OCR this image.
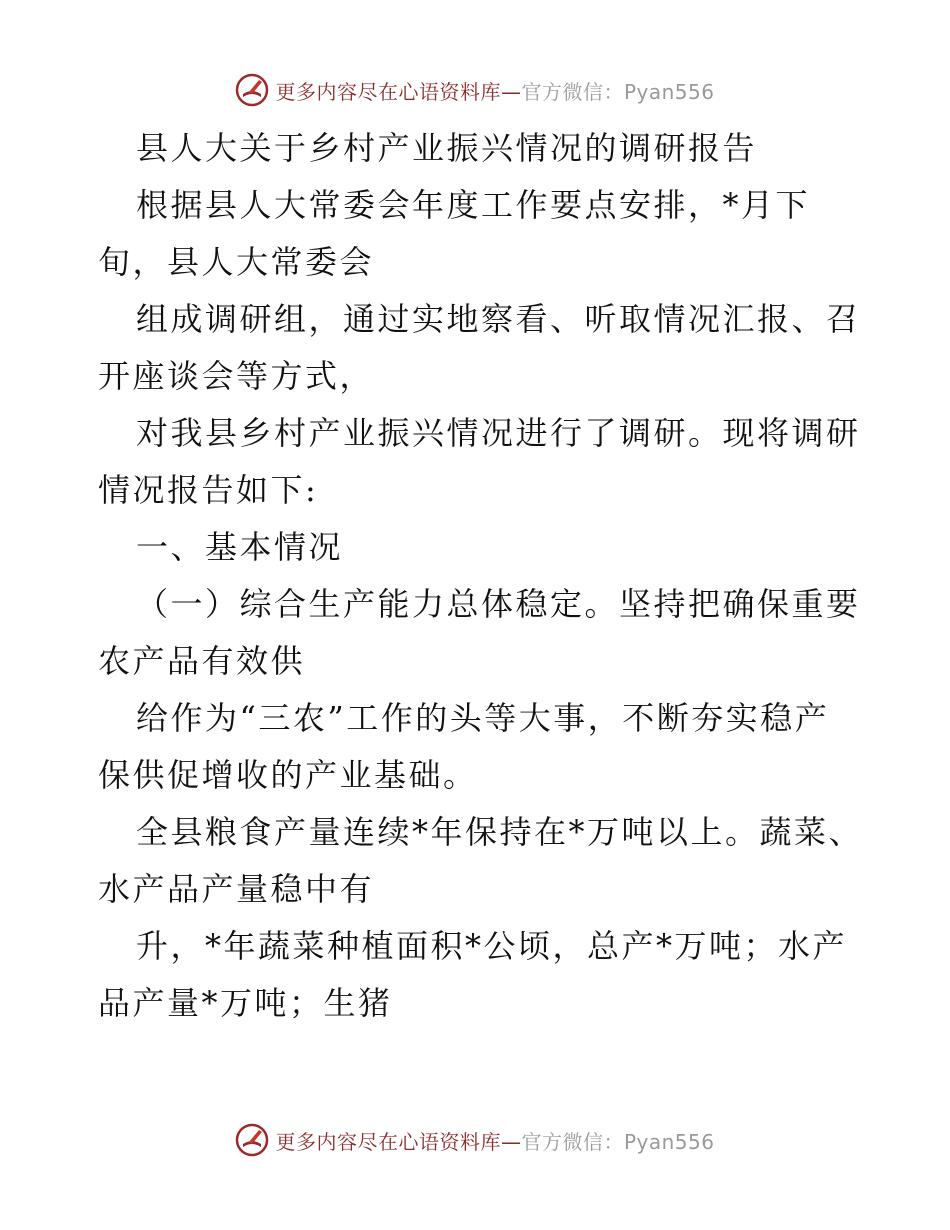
更多内容尽在心语资料库—官方微信：Pyan556

县人大关于乡村产业振兴情况的调研报告

根据县人大常委会年度工作要点安排，*月下

旬，县人大常委会

组成调研组，通过实地察看、听取情况汇报、召

开座谈会等方式，

对我县乡村产业振兴情况进行了调研。现将调研

情况报告如下:

一、基本情况

（一）综合生产能力总体稳定。坚持把确保重要

农产品有效供

给作为“三农”工作的头等大事，不断夯实稳产

保供促增收的产业基础。

全县粮食产量连续*年保持在*万吨以上。蔬菜、

水产品产量稳中有

升，*年蔬菜种植面积*公顷，总产*万吨；水产

品产量*万吨；生猪

更多内容尽在心语资料库—官方微信：Pyan556
